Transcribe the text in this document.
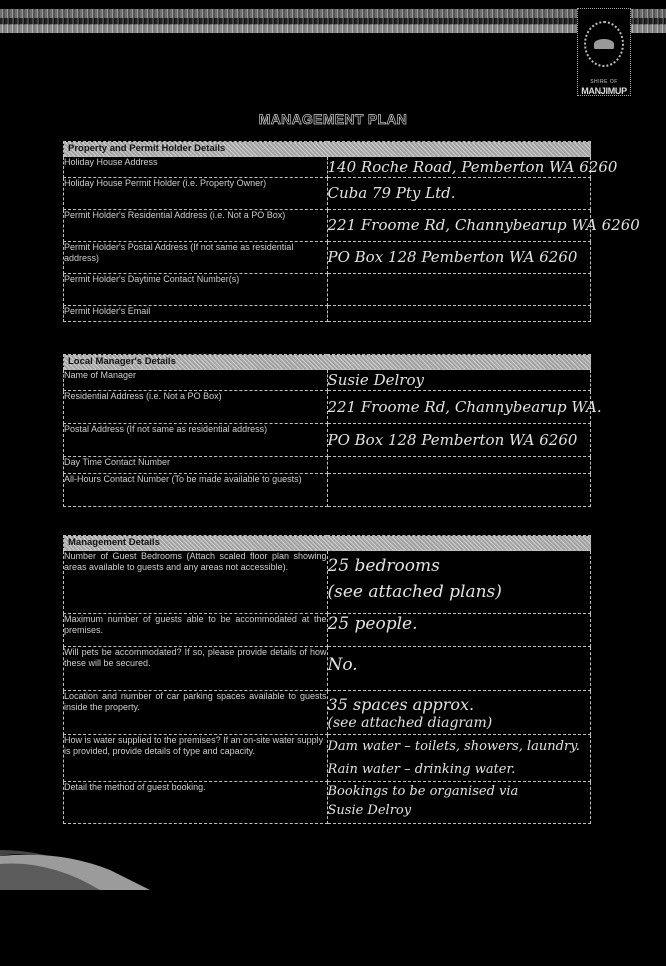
SHIRE OF
MANJIMUP
MANAGEMENT PLAN
Property and Permit Holder Details	
Holiday House Address	140 Roche Road, Pemberton WA 6260
Holiday House Permit Holder (i.e. Property Owner)	Cuba 79 Pty Ltd.
Permit Holder's Residential Address (i.e. Not a PO Box)	221 Froome Rd, Channybearup WA 6260
Permit Holder's Postal Address (If not same as residential address)	PO Box 128 Pemberton WA 6260
Permit Holder's Daytime Contact Number(s)	
Permit Holder's Email	
Local Manager's Details	
Name of Manager	Susie Delroy
Residential Address (i.e. Not a PO Box)	221 Froome Rd, Channybearup WA.
Postal Address (If not same as residential address)	PO Box 128 Pemberton WA 6260
Day Time Contact Number	
All-Hours Contact Number (To be made available to guests)	
Management Details	
Number of Guest Bedrooms (Attach scaled floor plan showing areas available to guests and any areas not accessible).	25 bedrooms
(see attached plans)

Maximum number of guests able to be accommodated at the premises.	25 people.
Will pets be accommodated? If so, please provide details of how these will be secured.	No.
Location and number of car parking spaces available to guests inside the property.	35 spaces approx.
(see attached diagram)

How is water supplied to the premises? If an on-site water supply is provided, provide details of type and capacity.	Dam water – toilets, showers, laundry.
Rain water – drinking water.

Detail the method of guest booking.	Bookings to be organised via
Susie Delroy
